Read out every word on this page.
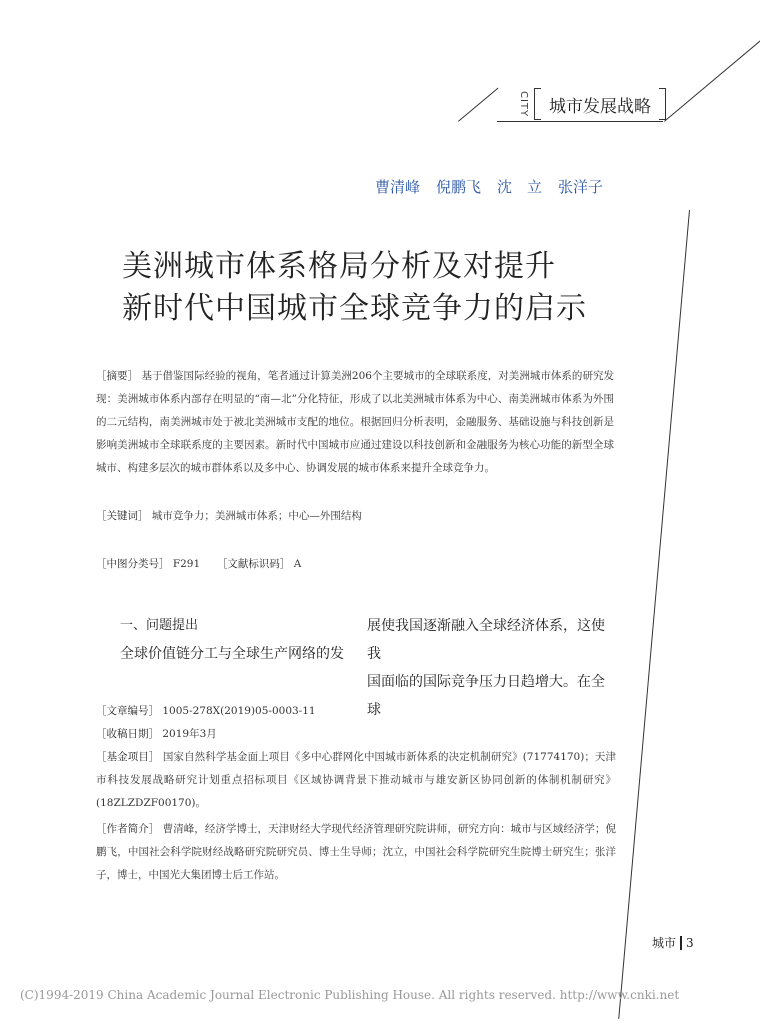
CITY	城市发展战略
曹清峰 倪鹏飞 沈　立 张洋子
美洲城市体系格局分析及对提升
新时代中国城市全球竞争力的启示
［摘要］ 基于借鉴国际经验的视角，笔者通过计算美洲206个主要城市的全球联系度，对美洲城市体系的研究发现：美洲城市体系内部存在明显的“南—北”分化特征，形成了以北美洲城市体系为中心、南美洲城市体系为外围的二元结构，南美洲城市处于被北美洲城市支配的地位。根据回归分析表明，金融服务、基础设施与科技创新是影响美洲城市全球联系度的主要因素。新时代中国城市应通过建设以科技创新和金融服务为核心功能的新型全球城市、构建多层次的城市群体系以及多中心、协调发展的城市体系来提升全球竞争力。
［关键词］ 城市竞争力；美洲城市体系；中心—外围结构
［中图分类号］ F291 ［文献标识码］ A
一、问题提出
全球价值链分工与全球生产网络的发
展使我国逐渐融入全球经济体系，这使我
国面临的国际竞争压力日趋增大。在全球
［文章编号］ 1005-278X(2019)05-0003-11
［收稿日期］ 2019年3月
［基金项目］ 国家自然科学基金面上项目《多中心群网化中国城市新体系的决定机制研究》(71774170)；天津市科技发展战略研究计划重点招标项目《区域协调背景下推动城市与雄安新区协同创新的体制机制研究》(18ZLZDZF00170)。
［作者简介］ 曹清峰，经济学博士，天津财经大学现代经济管理研究院讲师，研究方向：城市与区域经济学；倪鹏飞，中国社会科学院财经战略研究院研究员、博士生导师；沈立，中国社会科学院研究生院博士研究生；张洋子，博士，中国光大集团博士后工作站。
城市 3
(C)1994-2019 China Academic Journal Electronic Publishing House. All rights reserved. http://www.cnki.net
